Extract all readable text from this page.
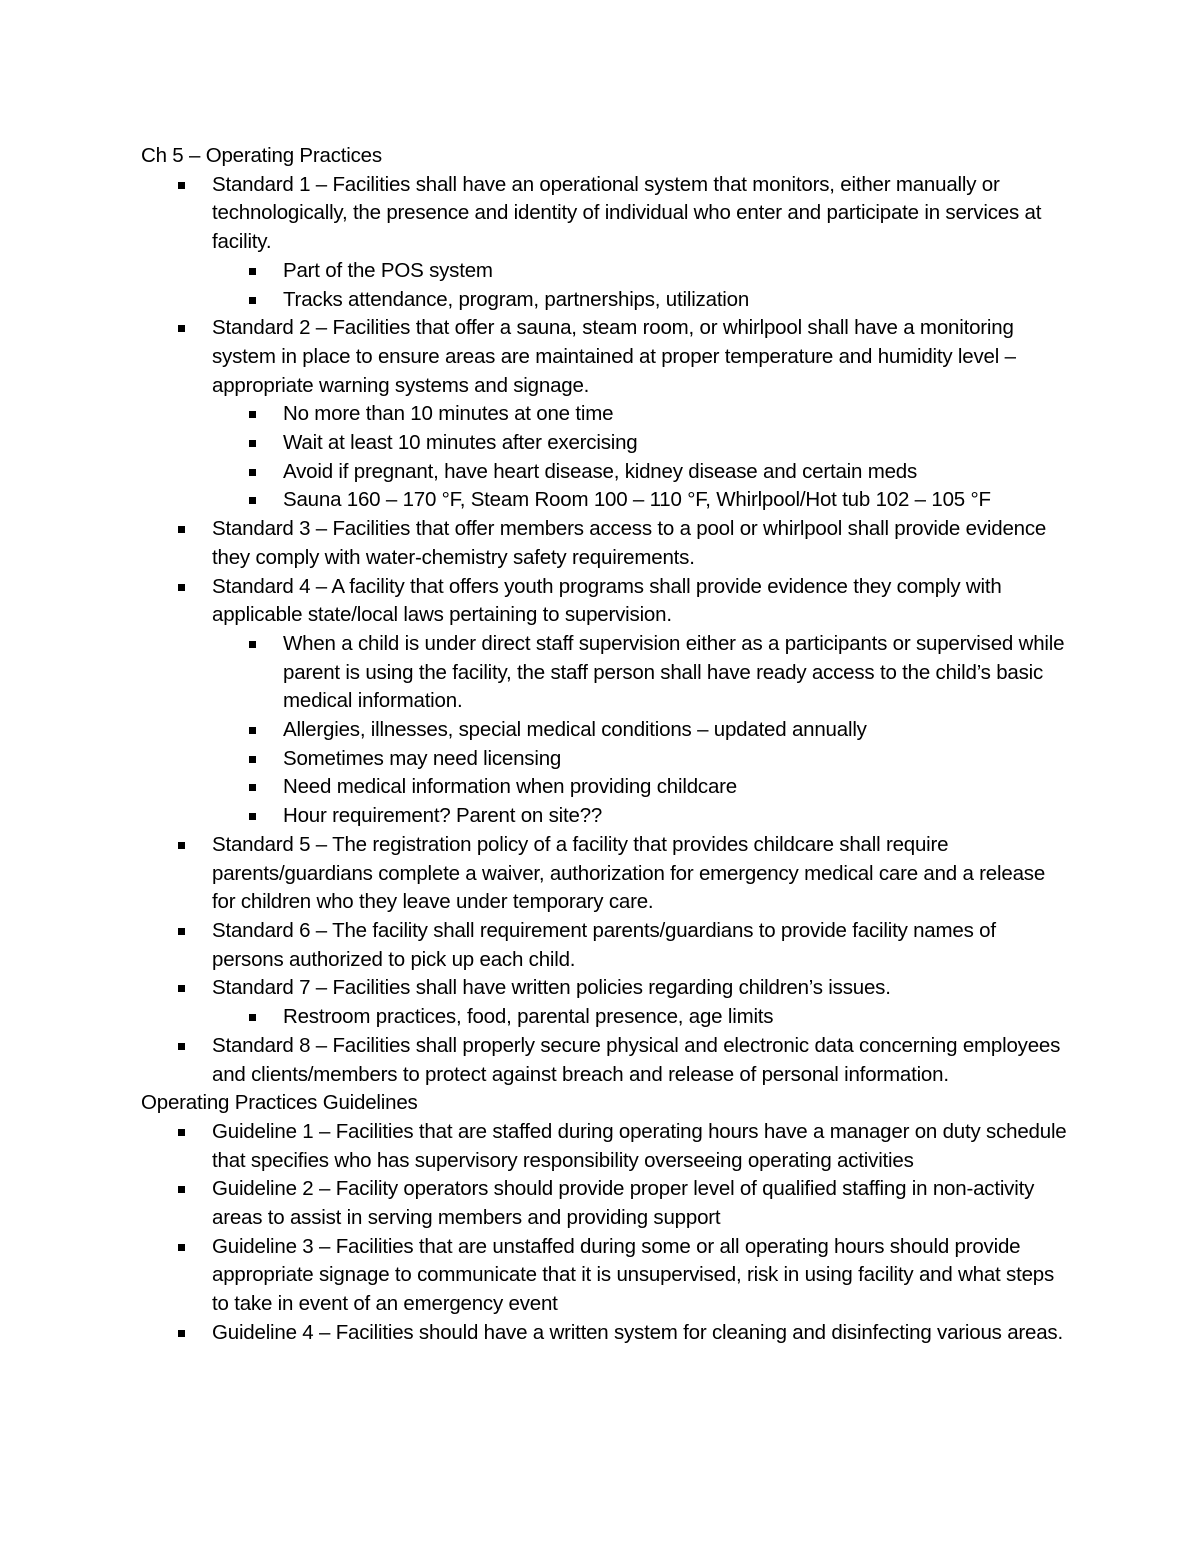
Ch 5 – Operating Practices

Standard 1 – Facilities shall have an operational system that monitors, either manually or technologically, the presence and identity of individual who enter and participate in services at facility.
Part of the POS system
Tracks attendance, program, partnerships, utilization
Standard 2 – Facilities that offer a sauna, steam room, or whirlpool shall have a monitoring system in place to ensure areas are maintained at proper temperature and humidity level – appropriate warning systems and signage.
No more than 10 minutes at one time
Wait at least 10 minutes after exercising
Avoid if pregnant, have heart disease, kidney disease and certain meds
Sauna 160 – 170 °F, Steam Room 100 – 110 °F, Whirlpool/Hot tub 102 – 105 °F
Standard 3 – Facilities that offer members access to a pool or whirlpool shall provide evidence they comply with water-chemistry safety requirements.
Standard 4 – A facility that offers youth programs shall provide evidence they comply with applicable state/local laws pertaining to supervision.
When a child is under direct staff supervision either as a participants or supervised while parent is using the facility, the staff person shall have ready access to the child’s basic medical information.
Allergies, illnesses, special medical conditions – updated annually
Sometimes may need licensing
Need medical information when providing childcare
Hour requirement? Parent on site??
Standard 5 – The registration policy of a facility that provides childcare shall require parents/guardians complete a waiver, authorization for emergency medical care and a release for children who they leave under temporary care.
Standard 6 – The facility shall requirement parents/guardians to provide facility names of persons authorized to pick up each child.
Standard 7 – Facilities shall have written policies regarding children’s issues.
Restroom practices, food, parental presence, age limits
Standard 8 – Facilities shall properly secure physical and electronic data concerning employees and clients/members to protect against breach and release of personal information.

Operating Practices Guidelines

Guideline 1 – Facilities that are staffed during operating hours have a manager on duty schedule that specifies who has supervisory responsibility overseeing operating activities
Guideline 2 – Facility operators should provide proper level of qualified staffing in non-activity areas to assist in serving members and providing support
Guideline 3 – Facilities that are unstaffed during some or all operating hours should provide appropriate signage to communicate that it is unsupervised, risk in using facility and what steps to take in event of an emergency event
Guideline 4 – Facilities should have a written system for cleaning and disinfecting various areas.
